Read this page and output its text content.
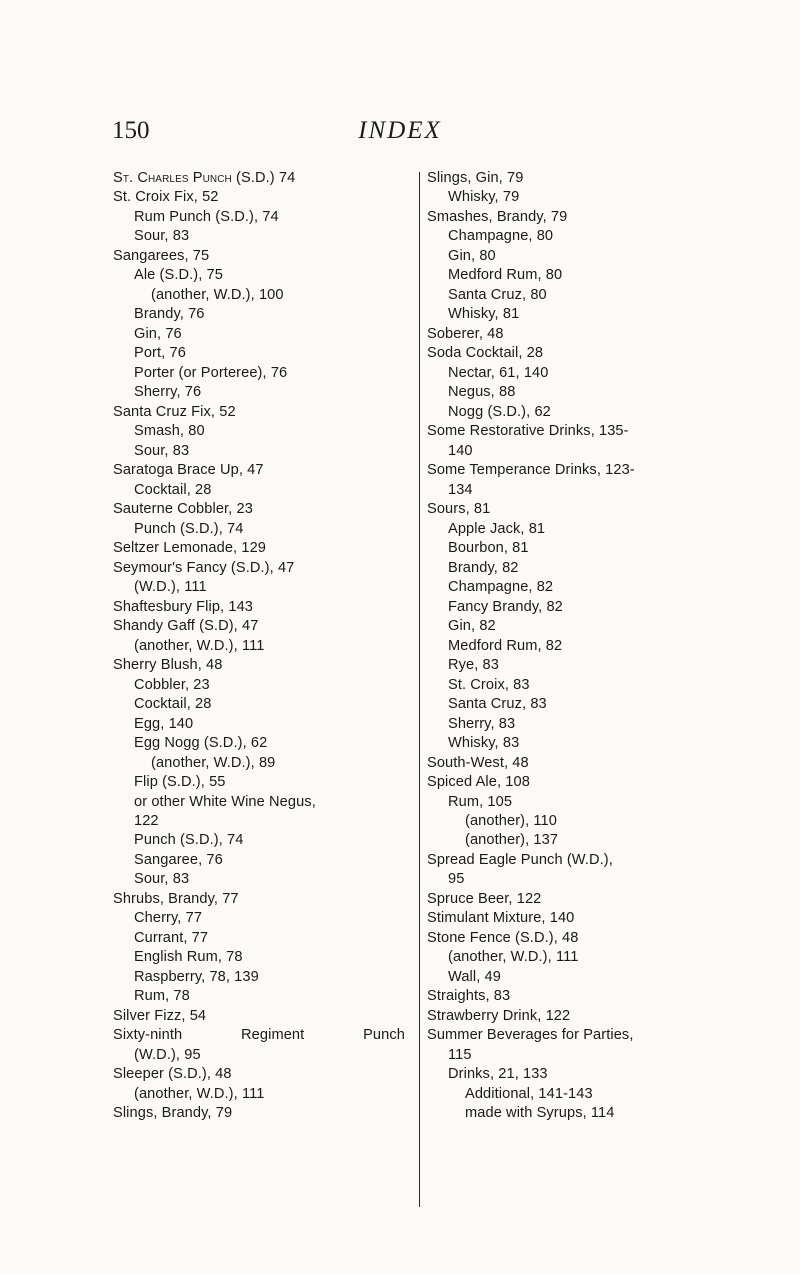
150	INDEX
St. Charles Punch (S.D.) 74
St. Croix Fix, 52
Rum Punch (S.D.), 74
Sour, 83
Sangarees, 75
Ale (S.D.), 75
(another, W.D.), 100
Brandy, 76
Gin, 76
Port, 76
Porter (or Porteree), 76
Sherry, 76
Santa Cruz Fix, 52
Smash, 80
Sour, 83
Saratoga Brace Up, 47
Cocktail, 28
Sauterne Cobbler, 23
Punch (S.D.), 74
Seltzer Lemonade, 129
Seymour's Fancy (S.D.), 47
(W.D.), 111
Shaftesbury Flip, 143
Shandy Gaff (S.D), 47
(another, W.D.), 111
Sherry Blush, 48
Cobbler, 23
Cocktail, 28
Egg, 140
Egg Nogg (S.D.), 62
(another, W.D.), 89
Flip (S.D.), 55
or other White Wine Negus,
122
Punch (S.D.), 74
Sangaree, 76
Sour, 83
Shrubs, Brandy, 77
Cherry, 77
Currant, 77
English Rum, 78
Raspberry, 78, 139
Rum, 78
Silver Fizz, 54
Sixty-ninth	Regiment	Punch
(W.D.), 95
Sleeper (S.D.), 48
(another, W.D.), 111
Slings, Brandy, 79
Slings, Gin, 79
Whisky, 79
Smashes, Brandy, 79
Champagne, 80
Gin, 80
Medford Rum, 80
Santa Cruz, 80
Whisky, 81
Soberer, 48
Soda Cocktail, 28
Nectar, 61, 140
Negus, 88
Nogg (S.D.), 62
Some Restorative Drinks, 135-
140
Some Temperance Drinks, 123-
134
Sours, 81
Apple Jack, 81
Bourbon, 81
Brandy, 82
Champagne, 82
Fancy Brandy, 82
Gin, 82
Medford Rum, 82
Rye, 83
St. Croix, 83
Santa Cruz, 83
Sherry, 83
Whisky, 83
South-West, 48
Spiced Ale, 108
Rum, 105
(another), 110
(another), 137
Spread Eagle Punch (W.D.),
95
Spruce Beer, 122
Stimulant Mixture, 140
Stone Fence (S.D.), 48
(another, W.D.), 111
Wall, 49
Straights, 83
Strawberry Drink, 122
Summer Beverages for Parties,
115
Drinks, 21, 133
Additional, 141-143
made with Syrups, 114
